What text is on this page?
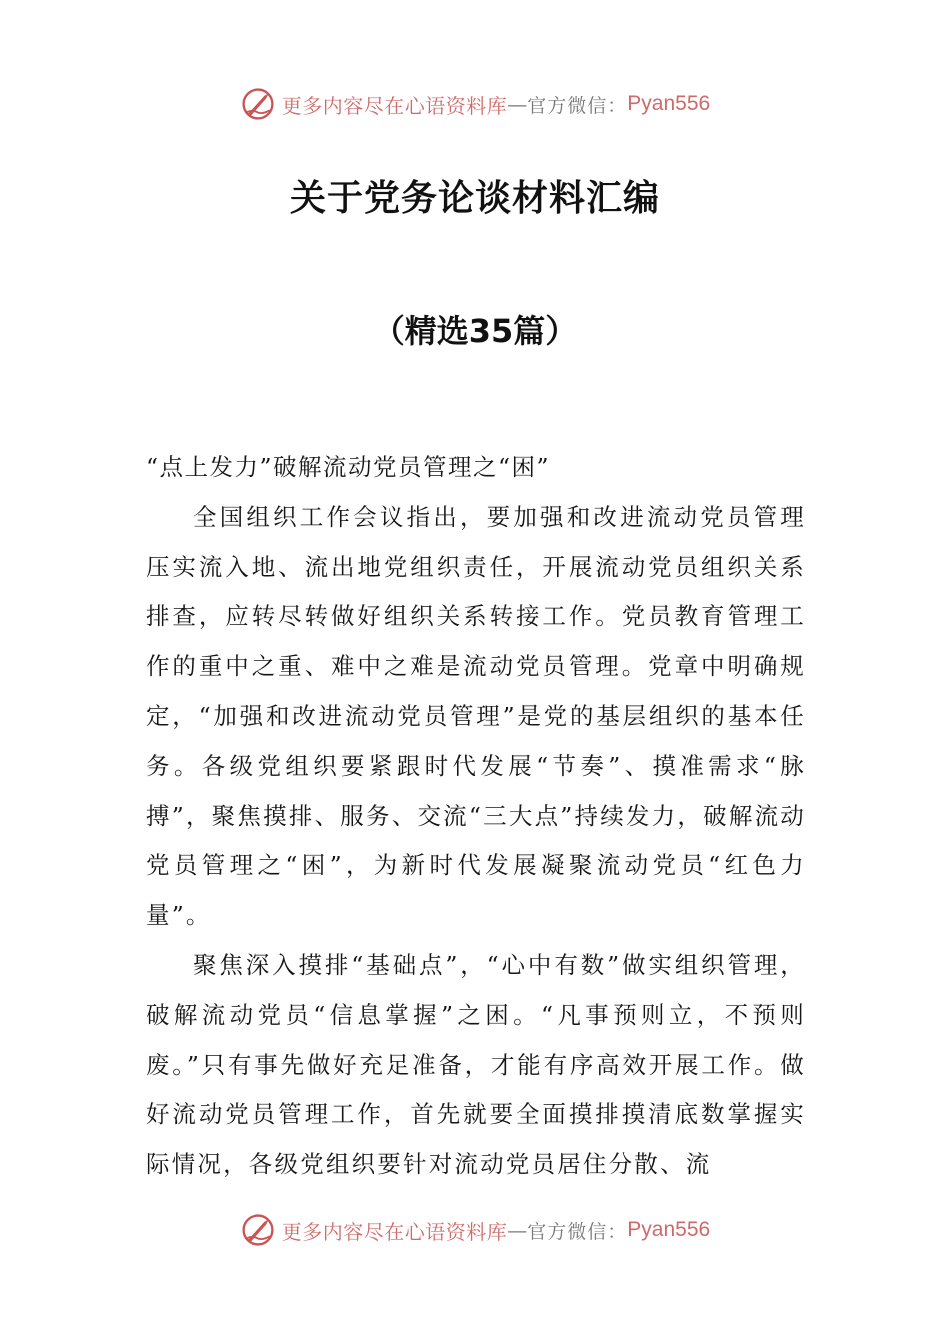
更多内容尽在心语资料库 — 官方微信： Pyan556
关于党务论谈材料汇编
（精选35篇）

“点上发力”破解流动党员管理之“困”

全国组织工作会议指出，要加强和改进流动党员管理压实流入地、流出地党组织责任，开展流动党员组织关系排查，应转尽转做好组织关系转接工作。党员教育管理工作的重中之重、难中之难是流动党员管理。党章中明确规定，“加强和改进流动党员管理”是党的基层组织的基本任务。各级党组织要紧跟时代发展“节奏”、摸准需求“脉搏”，聚焦摸排、服务、交流“三大点”持续发力，破解流动党员管理之“困”，为新时代发展凝聚流动党员“红色力量”。

聚焦深入摸排“基础点”，“心中有数”做实组织管理，破解流动党员“信息掌握”之困。“凡事预则立，不预则废。”只有事先做好充足准备，才能有序高效开展工作。做好流动党员管理工作，首先就要全面摸排摸清底数掌握实际情况，各级党组织要针对流动党员居住分散、流

更多内容尽在心语资料库 — 官方微信： Pyan556
